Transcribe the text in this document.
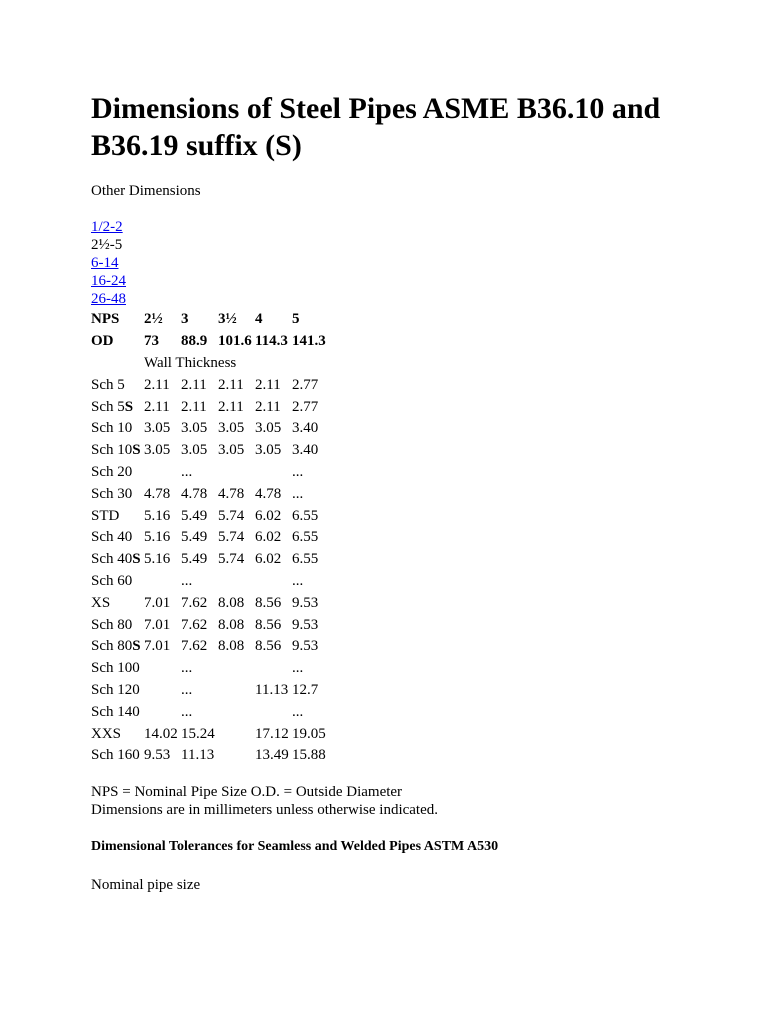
Dimensions of Steel Pipes ASME B36.10 and B36.19 suffix (S)
Other Dimensions
1/2-2
2½-5
6-14
16-24
26-48
NPS	2½	3	3½	4	5
OD	73	88.9	101.6	114.3	141.3
	Wall Thickness				
Sch 5	2.11	2.11	2.11	2.11	2.77
Sch 5S	2.11	2.11	2.11	2.11	2.77
Sch 10	3.05	3.05	3.05	3.05	3.40
Sch 10S	3.05	3.05	3.05	3.05	3.40
Sch 20		...			...
Sch 30	4.78	4.78	4.78	4.78	...
STD	5.16	5.49	5.74	6.02	6.55
Sch 40	5.16	5.49	5.74	6.02	6.55
Sch 40S	5.16	5.49	5.74	6.02	6.55
Sch 60		...			...
XS	7.01	7.62	8.08	8.56	9.53
Sch 80	7.01	7.62	8.08	8.56	9.53
Sch 80S	7.01	7.62	8.08	8.56	9.53
Sch 100		...			...
Sch 120		...		11.13	12.7
Sch 140		...			...
XXS	14.02	15.24		17.12	19.05
Sch 160	9.53	11.13		13.49	15.88
NPS = Nominal Pipe Size O.D. = Outside Diameter
Dimensions are in millimeters unless otherwise indicated.
Dimensional Tolerances for Seamless and Welded Pipes ASTM A530
Nominal pipe size
